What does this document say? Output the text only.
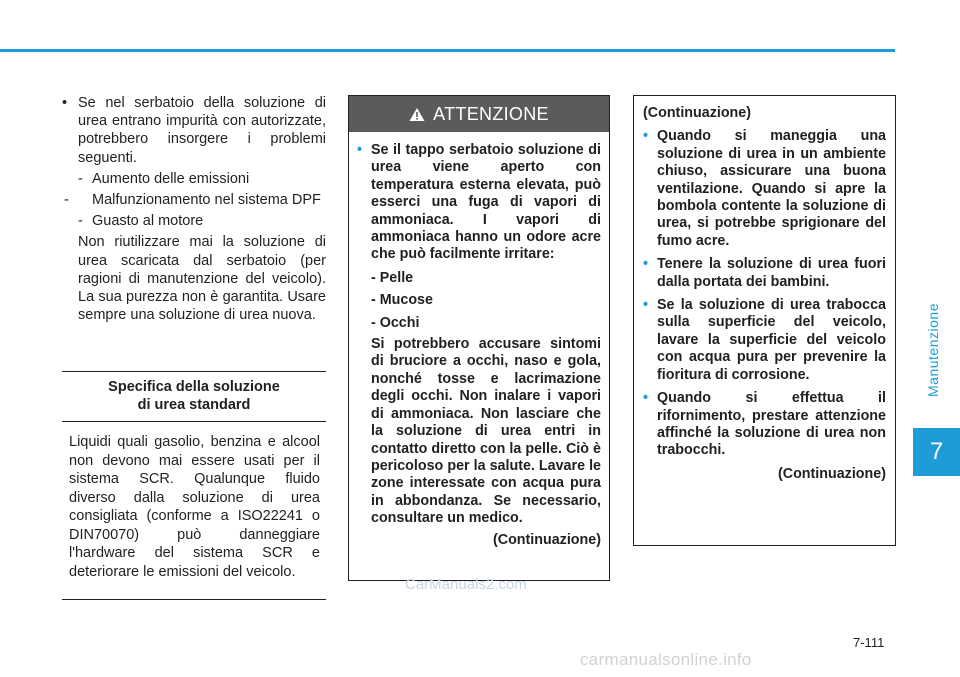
Manutenzione
7
• Se nel serbatoio della soluzione di urea entrano impurità con autorizzate, potrebbero insorgere i problemi seguenti.
- Aumento delle emissioni
- Malfunzionamento nel sistema DPF
- Guasto al motore
Non riutilizzare mai la soluzione di urea scaricata dal serbatoio (per ragioni di manutenzione del veicolo). La sua purezza non è garantita. Usare sempre una soluzione di urea nuova.
Specifica della soluzione
di urea standard
Liquidi quali gasolio, benzina e alcool non devono mai essere usati per il sistema SCR. Qualunque fluido diverso dalla soluzione di urea consigliata (conforme a ISO22241 o DIN70070) può danneggiare l'hardware del sistema SCR e deteriorare le emissioni del veicolo.
ATTENZIONE
• Se il tappo serbatoio soluzione di urea viene aperto con temperatura esterna elevata, può esserci una fuga di vapori di ammoniaca. I vapori di ammoniaca hanno un odore acre che può facilmente irritare:
- Pelle
- Mucose
- Occhi
Si potrebbero accusare sintomi di bruciore a occhi, naso e gola, nonché tosse e lacrimazione degli occhi. Non inalare i vapori di ammoniaca. Non lasciare che la soluzione di urea entri in contatto diretto con la pelle. Ciò è pericoloso per la salute. Lavare le zone interessate con acqua pura in abbondanza. Se necessario, consultare un medico.
(Continuazione)
(Continuazione)
• Quando si maneggia una soluzione di urea in un ambiente chiuso, assicurare una buona ventilazione. Quando si apre la bombola contente la soluzione di urea, si potrebbe sprigionare del fumo acre.
• Tenere la soluzione di urea fuori dalla portata dei bambini.
• Se la soluzione di urea trabocca sulla superficie del veicolo, lavare la superficie del veicolo con acqua pura per prevenire la fioritura di corrosione.
• Quando si effettua il rifornimento, prestare attenzione affinché la soluzione di urea non trabocchi.
(Continuazione)
CarManuals2.com
7-111
carmanualsonline.info
